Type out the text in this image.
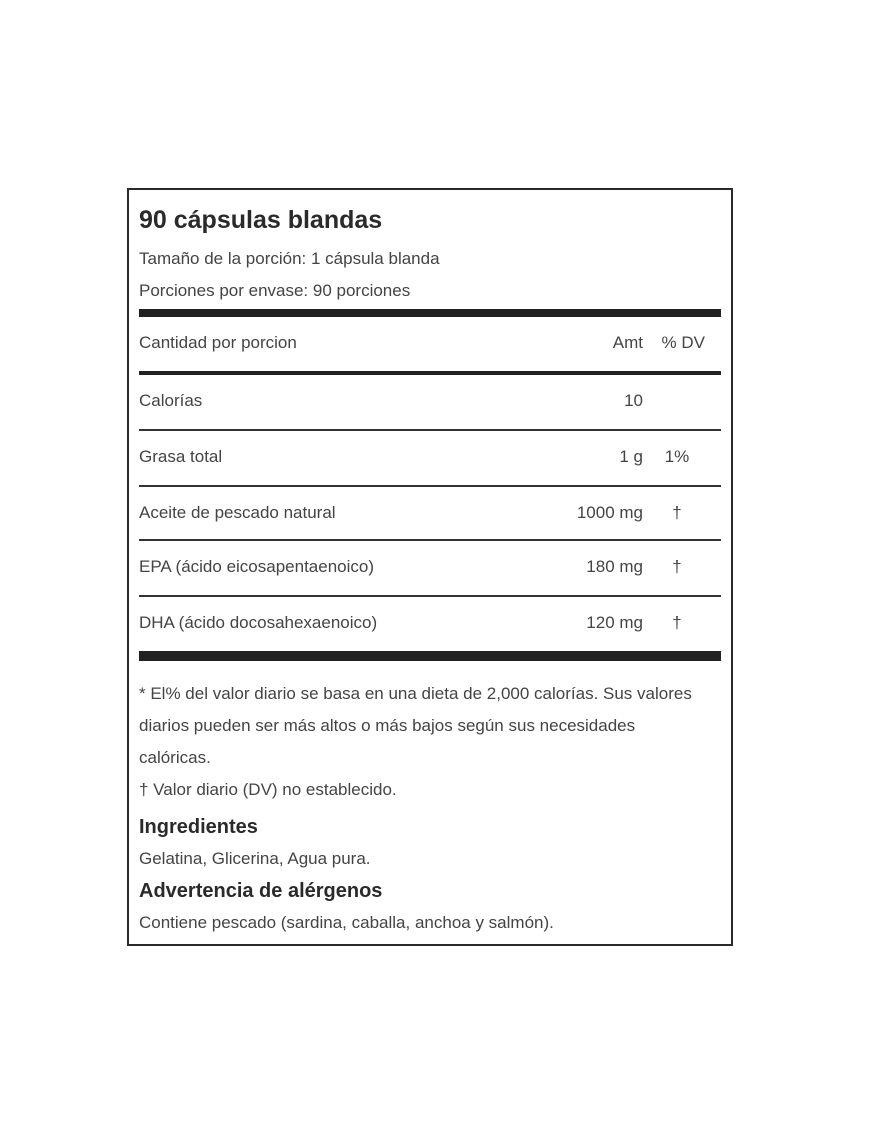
90 cápsulas blandas
Tamaño de la porción: 1 cápsula blanda
Porciones por envase: 90 porciones
Cantidad por porcion	Amt % DV
Calorías	10
Grasa total	1 g	1%
Aceite de pescado natural	1000 mg	†
EPA (ácido eicosapentaenoico)	180 mg	†
DHA (ácido docosahexaenoico)	120 mg	†
* El% del valor diario se basa en una dieta de 2,000 calorías. Sus valores diarios pueden ser más altos o más bajos según sus necesidades calóricas.
† Valor diario (DV) no establecido.
Ingredientes
Gelatina, Glicerina, Agua pura.
Advertencia de alérgenos
Contiene pescado (sardina, caballa, anchoa y salmón).
